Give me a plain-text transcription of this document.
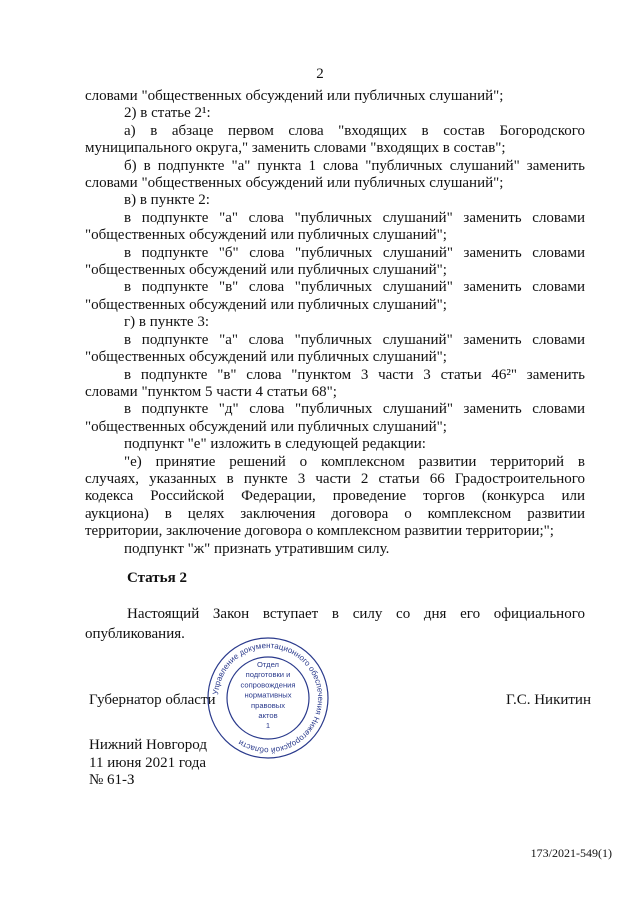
2

словами "общественных обсуждений или публичных слушаний";

2) в статье 2¹:

а) в абзаце первом слова "входящих в состав Богородского

муниципального округа," заменить словами "входящих в состав";

б) в подпункте "а" пункта 1 слова "публичных слушаний" заменить

словами "общественных обсуждений или публичных слушаний";

в) в пункте 2:

в подпункте "а" слова "публичных слушаний" заменить словами

"общественных обсуждений или публичных слушаний";

в подпункте "б" слова "публичных слушаний" заменить словами

"общественных обсуждений или публичных слушаний";

в подпункте "в" слова "публичных слушаний" заменить словами

"общественных обсуждений или публичных слушаний";

г) в пункте 3:

в подпункте "а" слова "публичных слушаний" заменить словами

"общественных обсуждений или публичных слушаний";

в подпункте "в" слова "пунктом 3 части 3 статьи 46²" заменить

словами "пунктом 5 части 4 статьи 68";

в подпункте "д" слова "публичных слушаний" заменить словами

"общественных обсуждений или публичных слушаний";

подпункт "е" изложить в следующей редакции:

"е) принятие решений о комплексном развитии территорий в

случаях, указанных в пункте 3 части 2 статьи 66 Градостроительного

кодекса Российской Федерации, проведение торгов (конкурса или

аукциона) в целях заключения договора о комплексном развитии

территории, заключение договора о комплексном развитии территории;";

подпункт "ж" признать утратившим силу.

Статья 2

Настоящий Закон вступает в силу со дня его официального

опубликования.

Губернатор области	Г.С. Никитин
Нижний Новгород
11 июня 2021 года
№ 61-З
173/2021-549(1)
Управление документационного обеспечения Нижегородской области
Отдел
подготовки и
сопровождения
нормативных
правовых
актов
1
